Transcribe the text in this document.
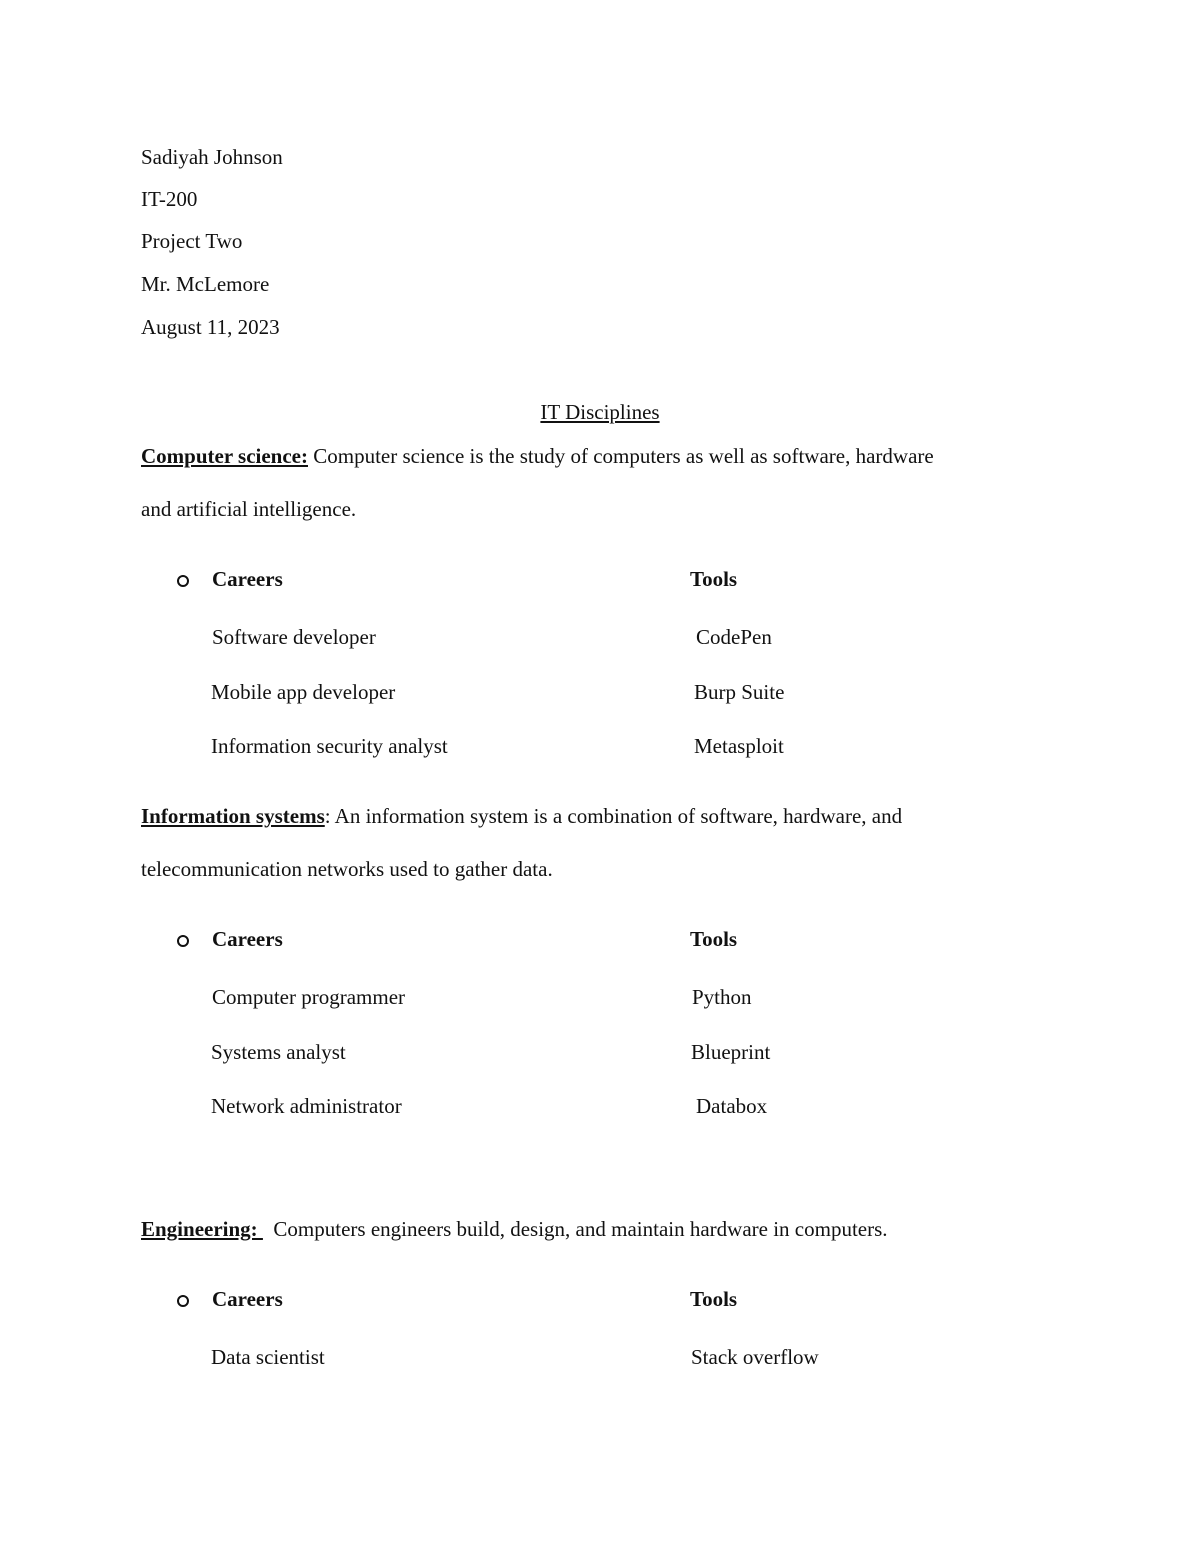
Sadiyah Johnson
IT-200
Project Two
Mr. McLemore
August 11, 2023
IT Disciplines
Computer science: Computer science is the study of computers as well as software, hardware
and artificial intelligence.
Careers	Tools
Software developer	CodePen
Mobile app developer	Burp Suite
Information security analyst	Metasploit
Information systems: An information system is a combination of software, hardware, and
telecommunication networks used to gather data.
Careers	Tools
Computer programmer	Python
Systems analyst	Blueprint
Network administrator	Databox
Engineering:   Computers engineers build, design, and maintain hardware in computers.
Careers	Tools
Data scientist	Stack overflow
